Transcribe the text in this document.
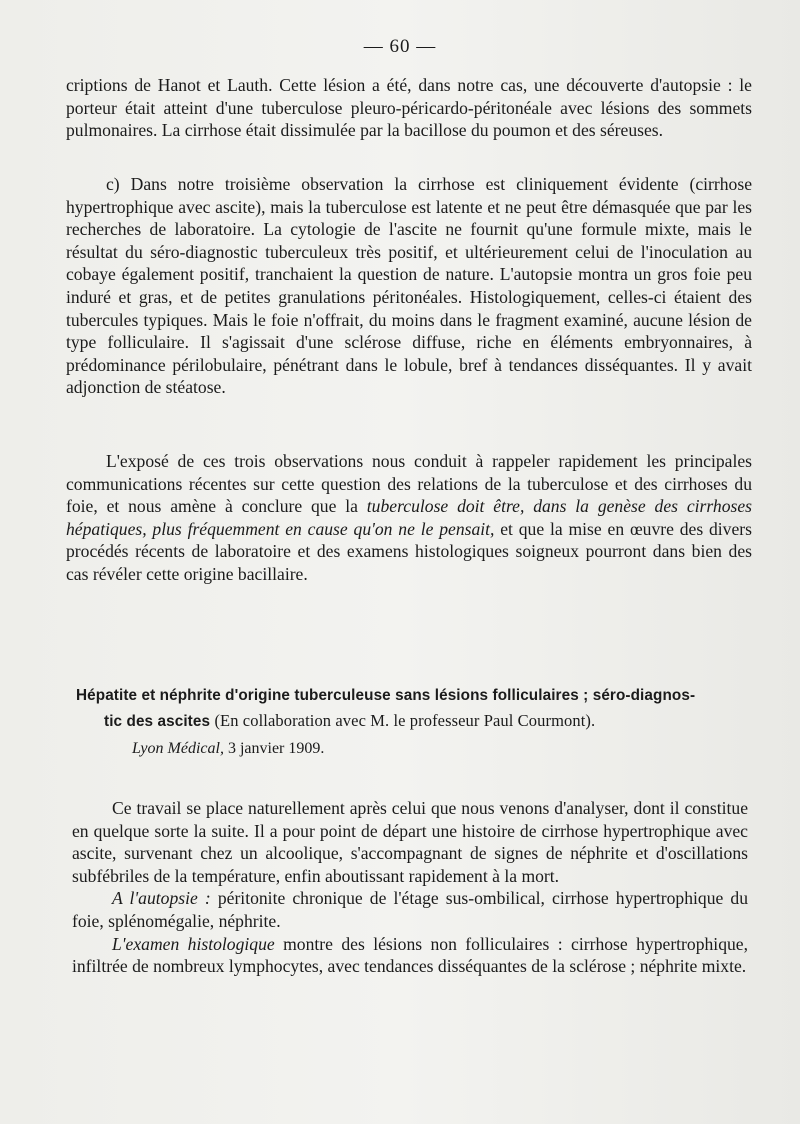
— 60 —

criptions de Hanot et Lauth. Cette lésion a été, dans notre cas, une découverte d'autopsie : le porteur était atteint d'une tuberculose pleuro-péricardo-péritonéale avec lésions des sommets pulmonaires. La cirrhose était dissimulée par la bacillose du poumon et des séreuses.

c) Dans notre troisième observation la cirrhose est cliniquement évidente (cirrhose hypertrophique avec ascite), mais la tuberculose est latente et ne peut être démasquée que par les recherches de laboratoire. La cytologie de l'ascite ne fournit qu'une formule mixte, mais le résultat du séro-diagnostic tuberculeux très positif, et ultérieurement celui de l'inoculation au cobaye également positif, tranchaient la question de nature. L'autopsie montra un gros foie peu induré et gras, et de petites granulations péritonéales. Histologiquement, celles-ci étaient des tubercules typiques. Mais le foie n'offrait, du moins dans le fragment examiné, aucune lésion de type folliculaire. Il s'agissait d'une sclérose diffuse, riche en éléments embryonnaires, à prédominance périlobulaire, pénétrant dans le lobule, bref à tendances disséquantes. Il y avait adjonction de stéatose.

L'exposé de ces trois observations nous conduit à rappeler rapidement les principales communications récentes sur cette question des relations de la tuberculose et des cirrhoses du foie, et nous amène à conclure que la tuberculose doit être, dans la genèse des cirrhoses hépatiques, plus fréquemment en cause qu'on ne le pensait, et que la mise en œuvre des divers procédés récents de laboratoire et des examens histologiques soigneux pourront dans bien des cas révéler cette origine bacillaire.

Hépatite et néphrite d'origine tuberculeuse sans lésions folliculaires ; séro-diagnos-
tic des ascites (En collaboration avec M. le professeur Paul Courmont).
Lyon Médical, 3 janvier 1909.

Ce travail se place naturellement après celui que nous venons d'analyser, dont il constitue en quelque sorte la suite. Il a pour point de départ une histoire de cirrhose hypertrophique avec ascite, survenant chez un alcoolique, s'accompagnant de signes de néphrite et d'oscillations subfébriles de la température, enfin aboutissant rapidement à la mort.

A l'autopsie : péritonite chronique de l'étage sus-ombilical, cirrhose hypertrophique du foie, splénomégalie, néphrite.

L'examen histologique montre des lésions non folliculaires : cirrhose hypertrophique, infiltrée de nombreux lymphocytes, avec tendances disséquantes de la sclérose ; néphrite mixte.
